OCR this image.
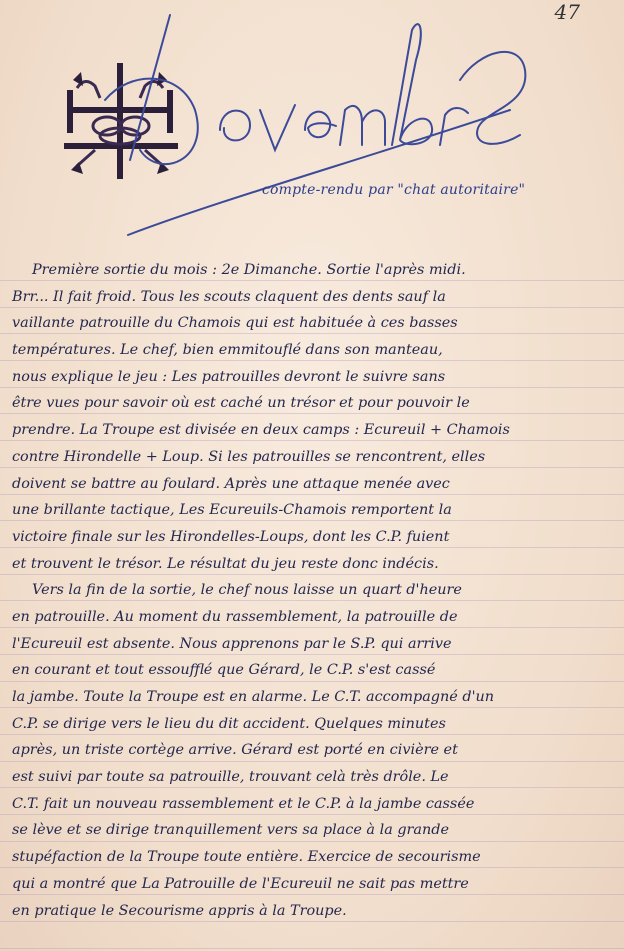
47
compte-rendu par "chat autoritaire"
Première sortie du mois : 2e Dimanche. Sortie l'après midi.
Brr... Il fait froid. Tous les scouts claquent des dents sauf la
vaillante patrouille du Chamois qui est habituée à ces basses
températures. Le chef, bien emmitouflé dans son manteau,
nous explique le jeu : Les patrouilles devront le suivre sans
être vues pour savoir où est caché un trésor et pour pouvoir le
prendre. La Troupe est divisée en deux camps : Ecureuil + Chamois
contre Hirondelle + Loup. Si les patrouilles se rencontrent, elles
doivent se battre au foulard. Après une attaque menée avec
une brillante tactique, Les Ecureuils-Chamois remportent la
victoire finale sur les Hirondelles-Loups, dont les C.P. fuient
et trouvent le trésor. Le résultat du jeu reste donc indécis.
Vers la fin de la sortie, le chef nous laisse un quart d'heure
en patrouille. Au moment du rassemblement, la patrouille de
l'Ecureuil est absente. Nous apprenons par le S.P. qui arrive
en courant et tout essoufflé que Gérard, le C.P. s'est cassé
la jambe. Toute la Troupe est en alarme. Le C.T. accompagné d'un
C.P. se dirige vers le lieu du dit accident. Quelques minutes
après, un triste cortège arrive. Gérard est porté en civière et
est suivi par toute sa patrouille, trouvant celà très drôle. Le
C.T. fait un nouveau rassemblement et le C.P. à la jambe cassée
se lève et se dirige tranquillement vers sa place à la grande
stupéfaction de la Troupe toute entière. Exercice de secourisme
qui a montré que La Patrouille de l'Ecureuil ne sait pas mettre
en pratique le Secourisme appris à la Troupe.
